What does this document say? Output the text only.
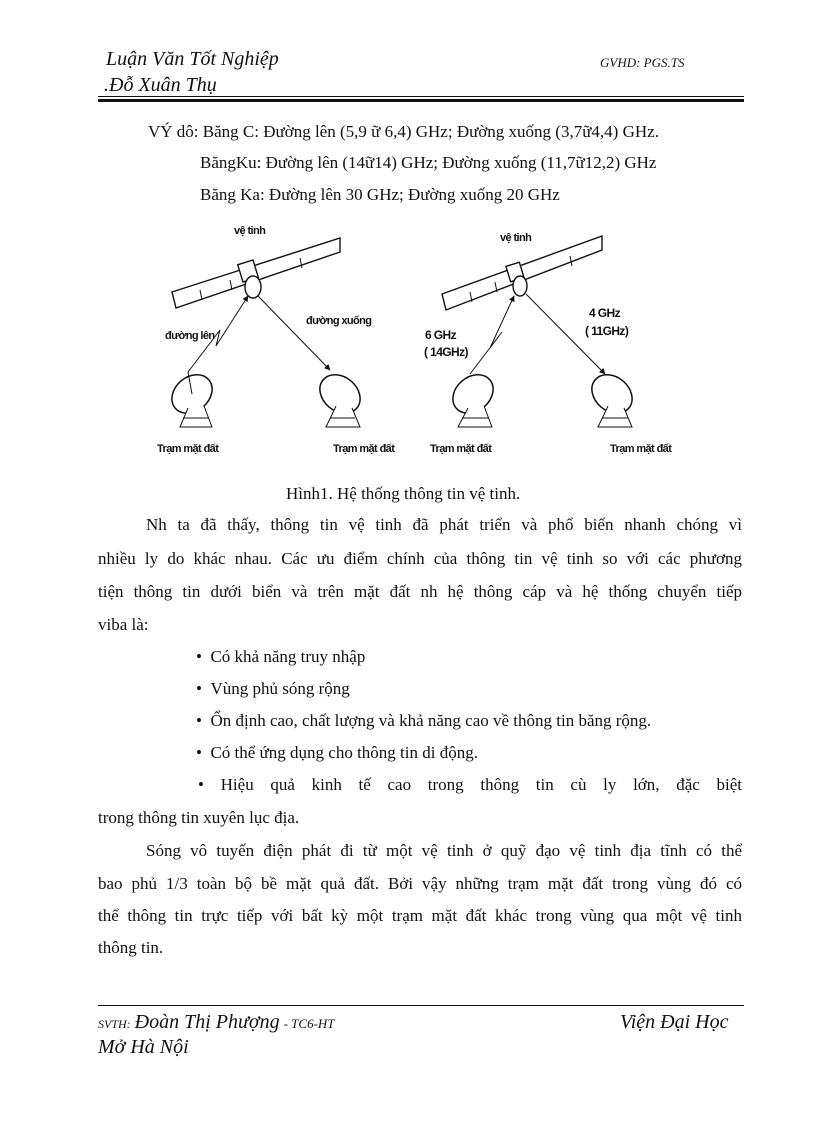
Luận Văn Tốt Nghiệp
.Đỗ Xuân Thụ
GVHD: PGS.TS
VÝ dô: Băng C: Đường lên (5,9 ữ 6,4) GHz; Đường xuống (3,7ữ4,4) GHz.
BăngKu: Đường lên (14ữ14) GHz; Đường xuống (11,7ữ12,2) GHz
Băng Ka: Đường lên 30 GHz; Đường xuống 20 GHz
vệ tinh
đường lên
đường xuống
Trạm mặt đất	Trạm mặt đất
vệ tinh
6 GHz
( 14GHz)
4 GHz
( 11GHz)
Trạm mặt đất	Trạm mặt đất
Hình1. Hệ thống thông tin vệ tinh.
Nh ta đã thấy, thông tin vệ tinh đã phát triển và phổ biến nhanh chóng vì
nhiều ly do khác nhau. Các ưu điểm chính của thông tin vệ tinh so với các phương
tiện thông tin dưới biển và trên mặt đất nh hệ thông cáp và hệ thống chuyển tiếp
viba là:
•  Có khả năng truy nhập
•  Vùng phủ sóng rộng
•  Ổn định cao, chất lượng và khả năng cao về thông tin băng rộng.
•  Có thể ứng dụng cho thông tin di động.
• Hiệu quả kinh tế cao trong thông tin cù ly lớn, đặc biệt
trong thông tin xuyên lục địa.
Sóng vô tuyến điện phát đi từ một vệ tinh ở quỹ đạo vệ tinh địa tĩnh có thể
bao phủ 1/3 toàn bộ bề mặt quả đất. Bởi vậy những trạm mặt đất trong vùng đó có
thể thông tin trực tiếp với bất kỳ một trạm mặt đất khác trong vùng qua một vệ tinh
thông tin.
SVTH: Đoàn Thị Phượng - TC6-HT	Viện Đại Học
Mở Hà Nội
